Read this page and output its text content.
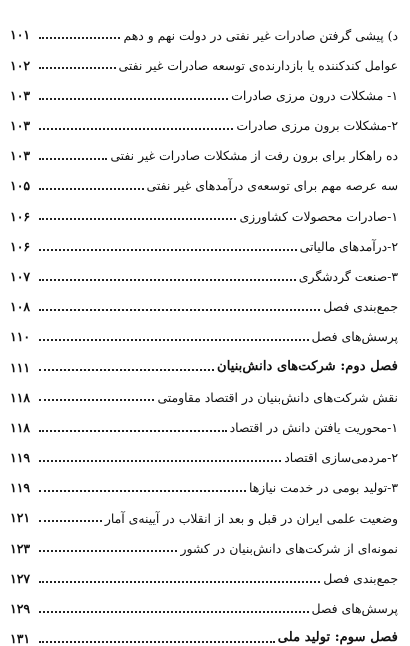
د) پیشی گرفتن صادرات غیر نفتی در دولت نهم و دهم
۱۰۱
عوامل کندکننده یا بازدارنده‌ی توسعه صادرات غیر نفتی
۱۰۲
۱- مشکلات درون مرزی صادرات
۱۰۳
۲-مشکلات برون مرزی صادرات
۱۰۳
ده راهکار برای برون رفت از مشکلات صادرات غیر نفتی
۱۰۳
سه عرصه مهم برای توسعه‌ی درآمدهای غیر نفتی
۱۰۵
۱-صادرات محصولات کشاورزی
۱۰۶
۲-درآمدهای مالیاتی
۱۰۶
۳-صنعت گردشگری
۱۰۷
جمع‌بندی فصل
۱۰۸
پرسش‌های فصل
۱۱۰
فصل دوم: شرکت‌های دانش‌بنیان
۱۱۱
نقش شرکت‌های دانش‌بنیان در اقتصاد مقاومتی
۱۱۸
۱-محوریت یافتن دانش در اقتصاد
۱۱۸
۲-مردمی‌سازی اقتصاد
۱۱۹
۳-تولید بومی در خدمت نیازها
۱۱۹
وضعیت علمی ایران در قبل و بعد از انقلاب در آیینه‌ی آمار
۱۲۱
نمونه‌ای از شرکت‌های دانش‌بنیان در کشور
۱۲۳
جمع‌بندی فصل
۱۲۷
پرسش‌های فصل
۱۲۹
فصل سوم: تولید ملی
۱۳۱
